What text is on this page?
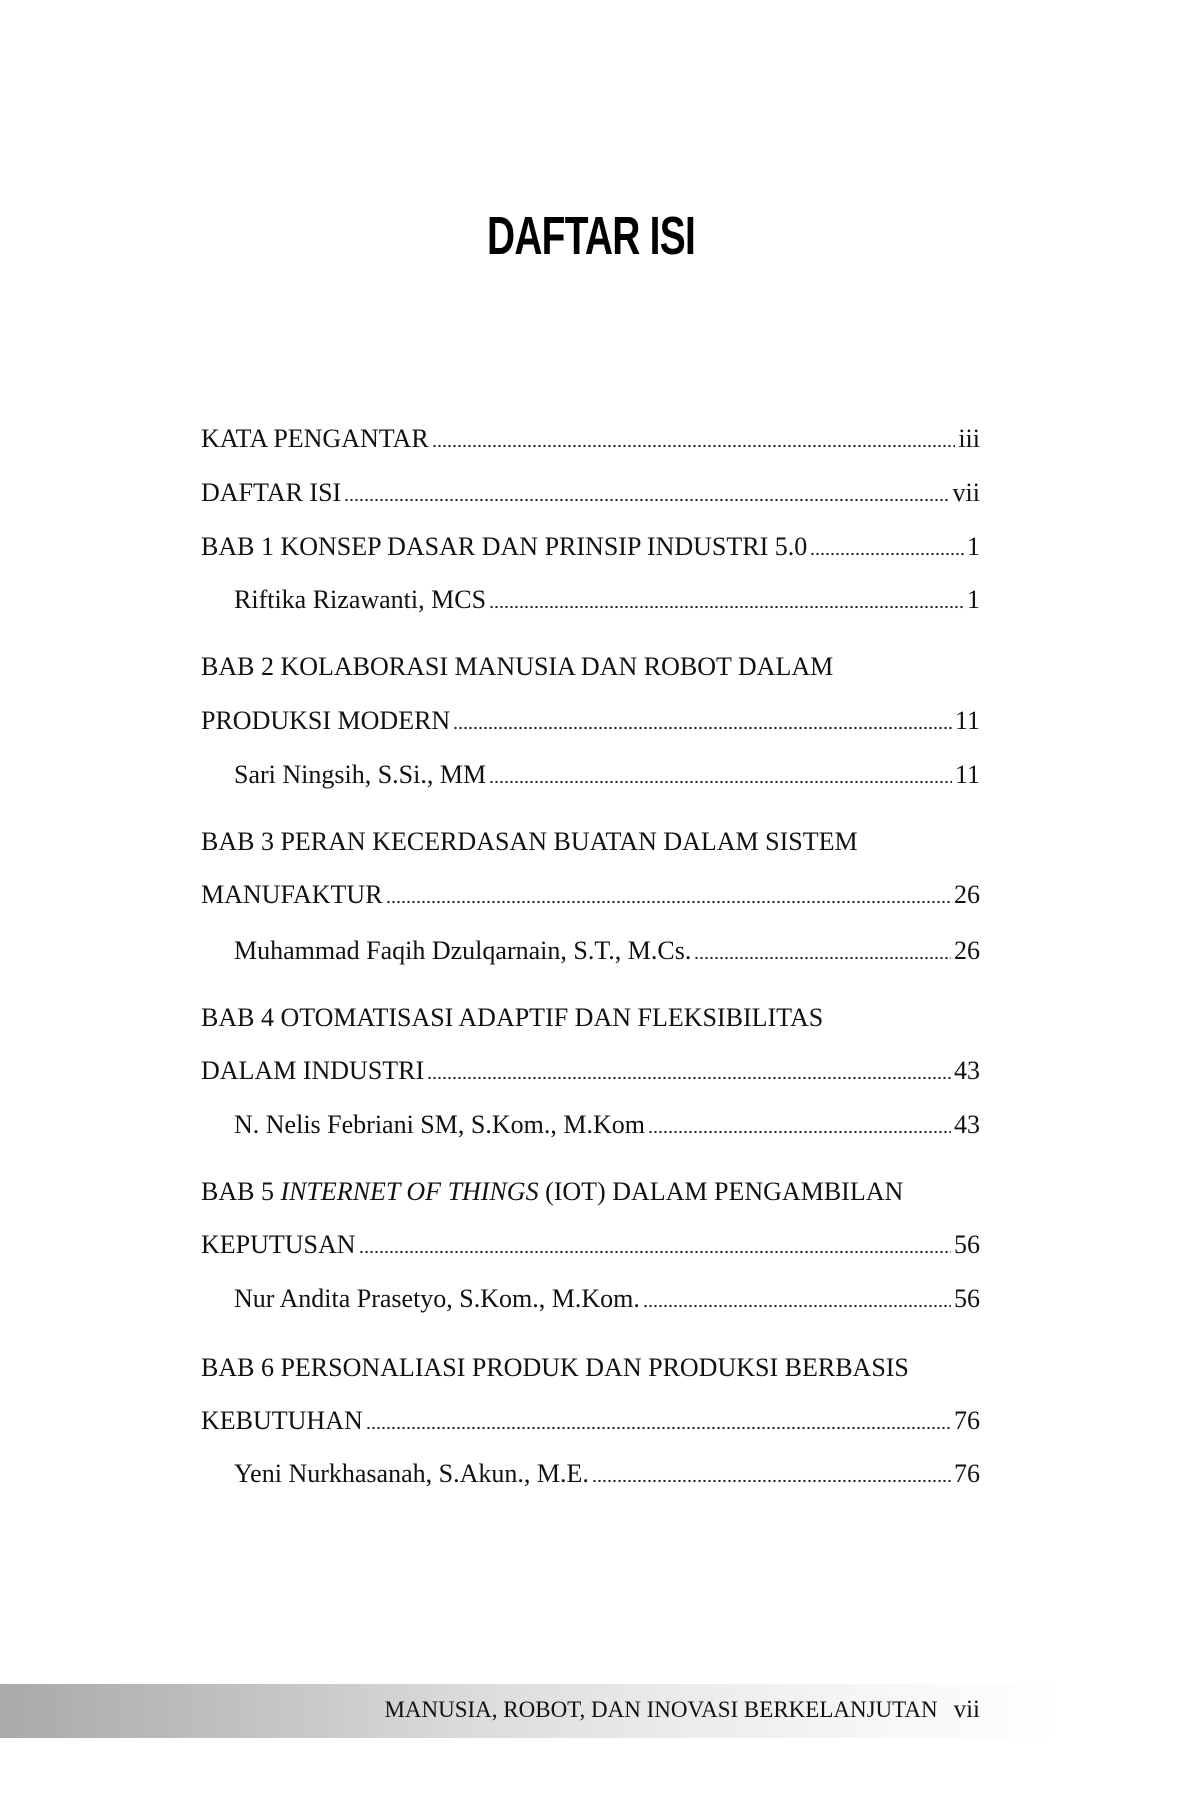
DAFTAR ISI
KATA PENGANTAR	iii
DAFTAR ISI	vii
BAB 1 KONSEP DASAR DAN PRINSIP INDUSTRI 5.0	1
Riftika Rizawanti, MCS	1
BAB 2 KOLABORASI MANUSIA DAN ROBOT DALAM
PRODUKSI MODERN	11
Sari Ningsih, S.Si., MM	11
BAB 3 PERAN KECERDASAN BUATAN DALAM SISTEM
MANUFAKTUR	26
Muhammad Faqih Dzulqarnain, S.T., M.Cs.	26
BAB 4 OTOMATISASI ADAPTIF DAN FLEKSIBILITAS
DALAM INDUSTRI	43
N. Nelis Febriani SM, S.Kom., M.Kom	43
BAB 5 INTERNET OF THINGS (IOT) DALAM PENGAMBILAN
KEPUTUSAN	56
Nur Andita Prasetyo, S.Kom., M.Kom.	56
BAB 6 PERSONALIASI PRODUK DAN PRODUKSI BERBASIS
KEBUTUHAN	76
Yeni Nurkhasanah, S.Akun., M.E.	76
MANUSIA, ROBOT, DAN INOVASI BERKELANJUTAN vii
